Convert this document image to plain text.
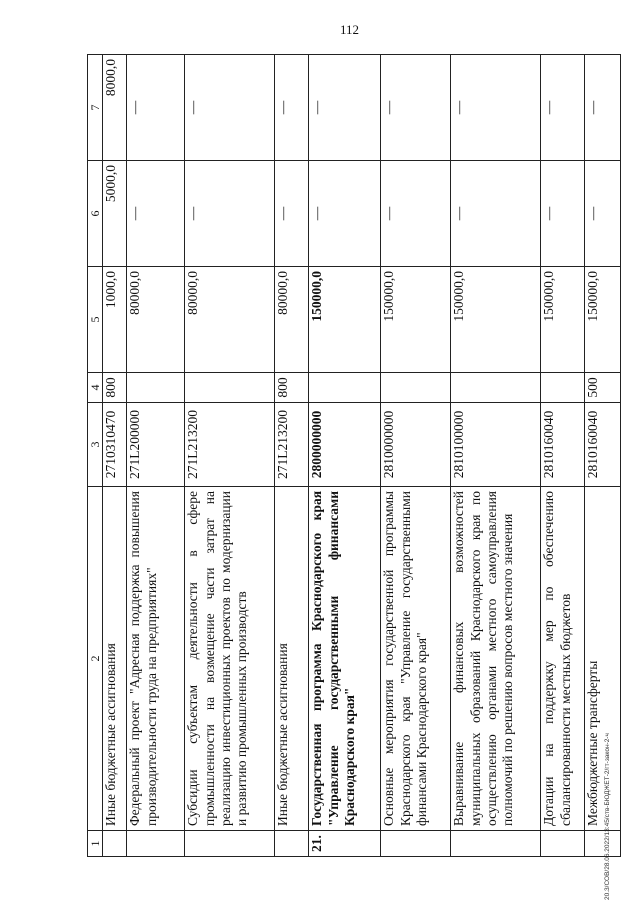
112
20.3/СОВ/28.06.2022/13:45/cтв-БЮДЖЕТ-2/гт-закон-2-ч
1	2	3	4	5	6	7
	Иные бюджетные ассигнования	2710310470	800	1000,0	5000,0	8000,0
	Федеральный проект "Адресная поддержка повышения производительности труда на предприятиях"	271L200000		80000,0	—	—
	Субсидии субъектам деятельности в сфере промышленности на возмещение части затрат на реализацию инвестиционных проектов по модернизации и развитию промышленных производств	271L213200		80000,0	—	—
	Иные бюджетные ассигнования	271L213200	800	80000,0	—	—
21.	Государственная программа Краснодарского края "Управление государственными финансами Краснодарского края"	2800000000		150000,0	—	—
	Основные мероприятия государственной программы Краснодарского края "Управление государственными финансами Краснодарского края"	2810000000		150000,0	—	—
	Выравнивание финансовых возможностей муниципальных образований Краснодарского края по осуществлению органами местного самоуправления полномочий по решению вопросов местного значения	2810100000		150000,0	—	—
	Дотации на поддержку мер по обеспечению сбалансированности местных бюджетов	2810160040		150000,0	—	—
	Межбюджетные трансферты	2810160040	500	150000,0	—	—
